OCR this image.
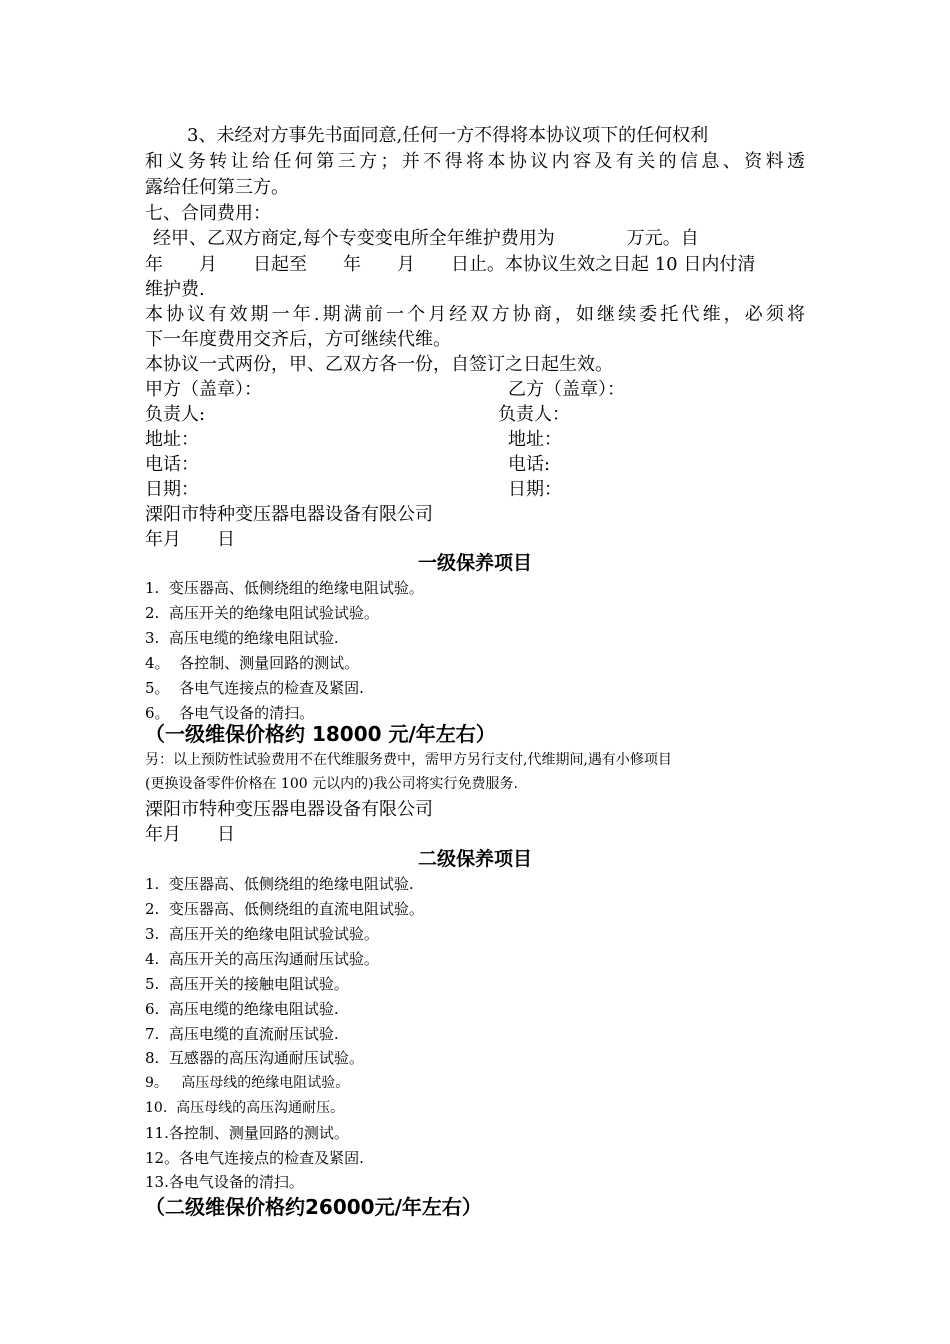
3、未经对方事先书面同意,任何一方不得将本协议项下的任何权利
和义务转让给任何第三方；并不得将本协议内容及有关的信息、资料透
露给任何第三方。
七、合同费用：
经甲、乙双方商定,每个专变变电所全年维护费用为　　　　万元。自
年　　月　　日起至　　年　　月　　日止。本协议生效之日起 10 日内付清
维护费.
本协议有效期一年.期满前一个月经双方协商，如继续委托代维，必须将
下一年度费用交齐后，方可继续代维。
本协议一式两份，甲、乙双方各一份，自签订之日起生效。
甲方（盖章）：	乙方（盖章）：
负责人:	负责人：
地址：	地址：
电话：	电话:
日期：	日期：
溧阳市特种变压器电器设备有限公司
年月　　日
一级保养项目
1.  变压器高、低侧绕组的绝缘电阻试验。
2.  高压开关的绝缘电阻试验试验。
3.  高压电缆的绝缘电阻试验.
4。  各控制、测量回路的测试。
5。  各电气连接点的检查及紧固.
6。  各电气设备的清扫。
（一级维保价格约 18000 元/年左右）
另：以上预防性试验费用不在代维服务费中，需甲方另行支付,代维期间,遇有小修项目
(更换设备零件价格在 100 元以内的)我公司将实行免费服务.
溧阳市特种变压器电器设备有限公司
年月　　日
二级保养项目
1.  变压器高、低侧绕组的绝缘电阻试验.
2.  变压器高、低侧绕组的直流电阻试验。
3.  高压开关的绝缘电阻试验试验。
4.  高压开关的高压沟通耐压试验。
5.  高压开关的接触电阻试验。
6.  高压电缆的绝缘电阻试验.
7.  高压电缆的直流耐压试验.
8.  互感器的高压沟通耐压试验。
9。   高压母线的绝缘电阻试验。
10.  高压母线的高压沟通耐压。
11.各控制、测量回路的测试。
12。各电气连接点的检查及紧固.
13.各电气设备的清扫。
（二级维保价格约26000元/年左右）
